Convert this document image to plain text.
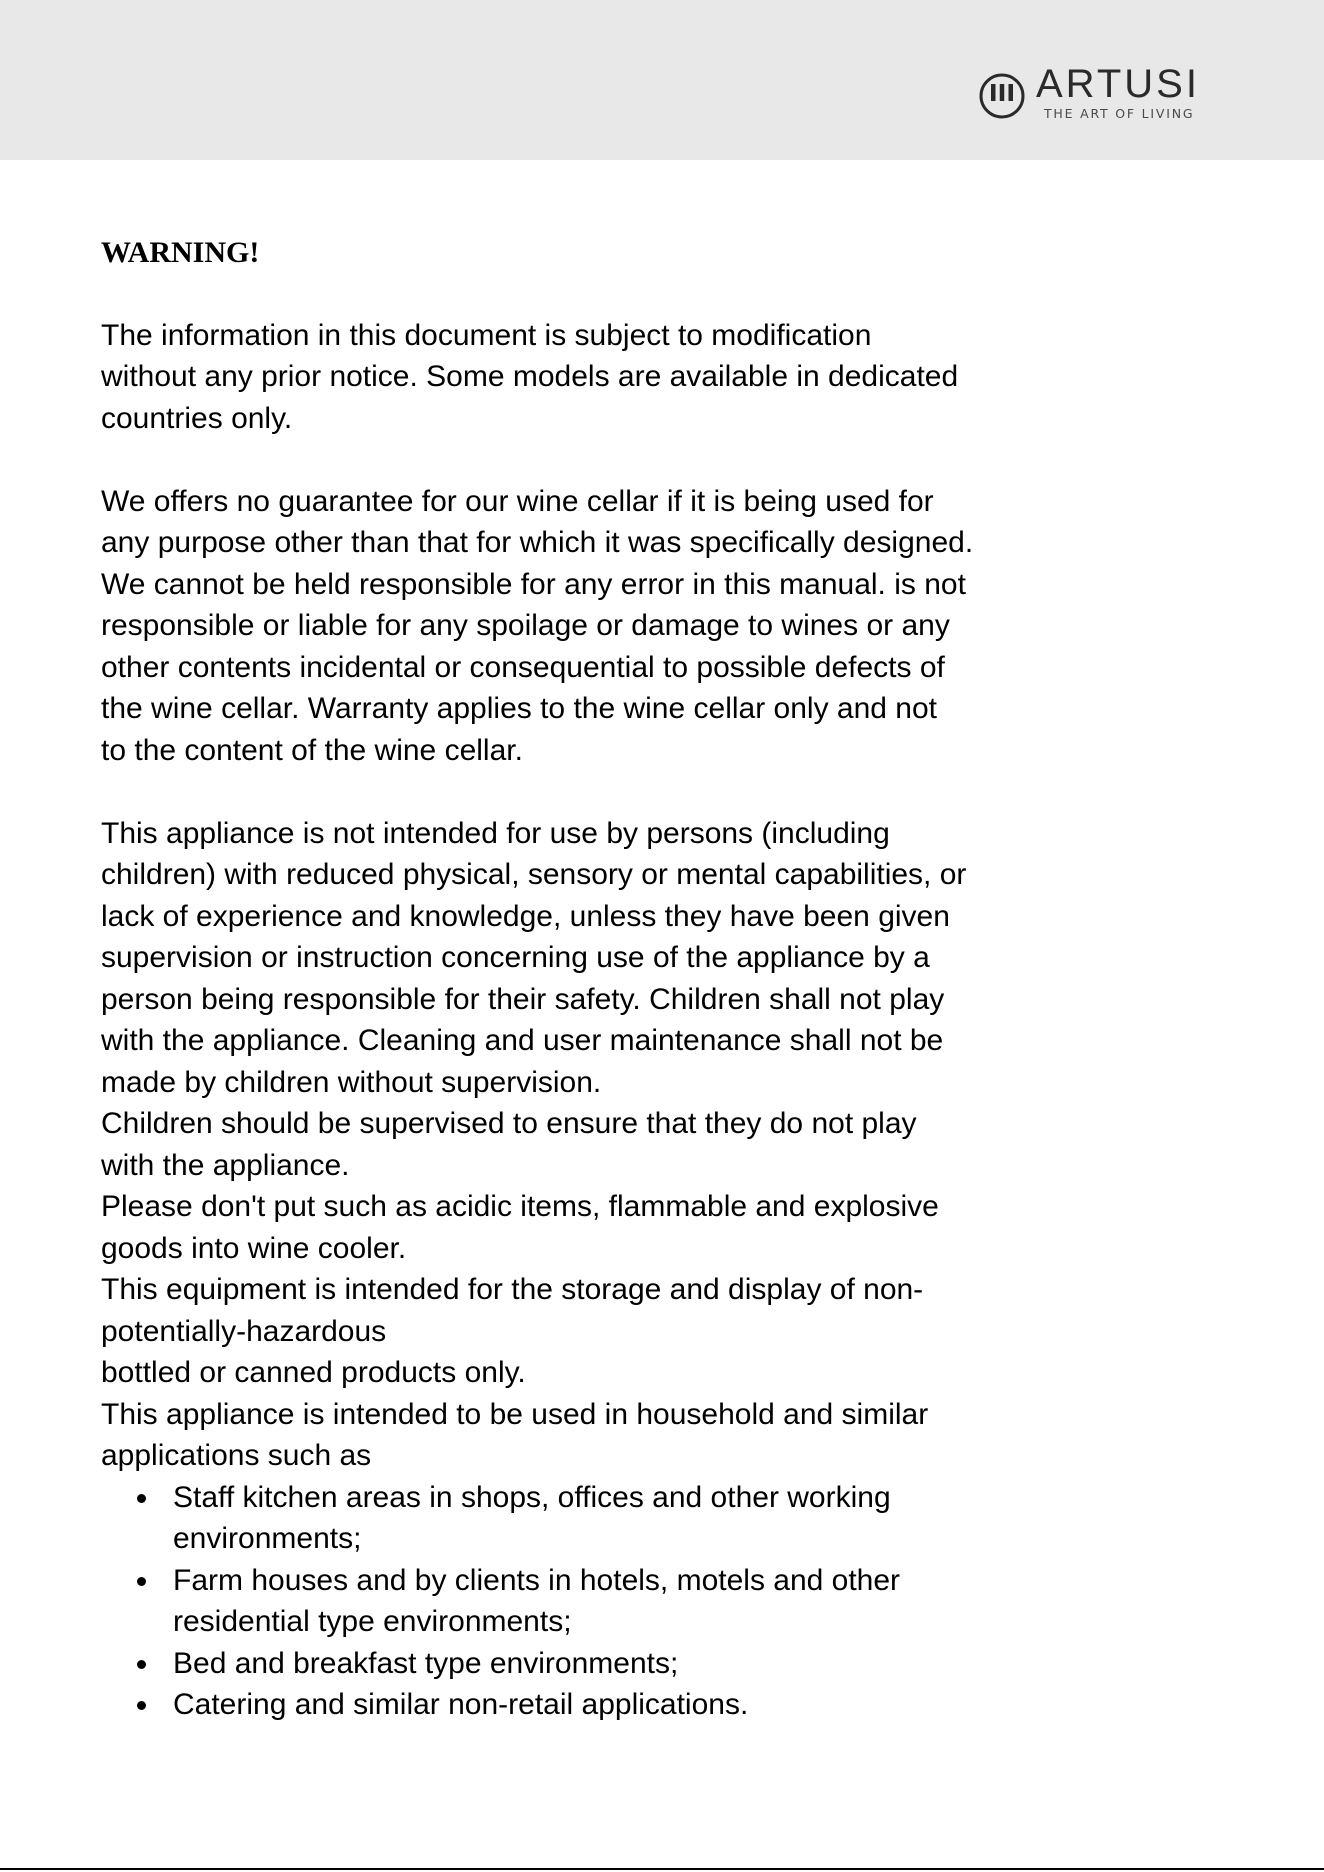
ARTUSI
THE ART OF LIVING
WARNING!
The information in this document is subject to modification
without any prior notice. Some models are available in dedicated
countries only.
We offers no guarantee for our wine cellar if it is being used for
any purpose other than that for which it was specifically designed.
We cannot be held responsible for any error in this manual. is not
responsible or liable for any spoilage or damage to wines or any
other contents incidental or consequential to possible defects of
the wine cellar. Warranty applies to the wine cellar only and not
to the content of the wine cellar.
This appliance is not intended for use by persons (including
children) with reduced physical, sensory or mental capabilities, or
lack of experience and knowledge, unless they have been given
supervision or instruction concerning use of the appliance by a
person being responsible for their safety. Children shall not play
with the appliance. Cleaning and user maintenance shall not be
made by children without supervision.
Children should be supervised to ensure that they do not play
with the appliance.
Please don't put such as acidic items, flammable and explosive
goods into wine cooler.
This equipment is intended for the storage and display of non-
potentially-hazardous
bottled or canned products only.
This appliance is intended to be used in household and similar
applications such as
Staff kitchen areas in shops, offices and other working
environments;
Farm houses and by clients in hotels, motels and other
residential type environments;
Bed and breakfast type environments;
Catering and similar non-retail applications.
